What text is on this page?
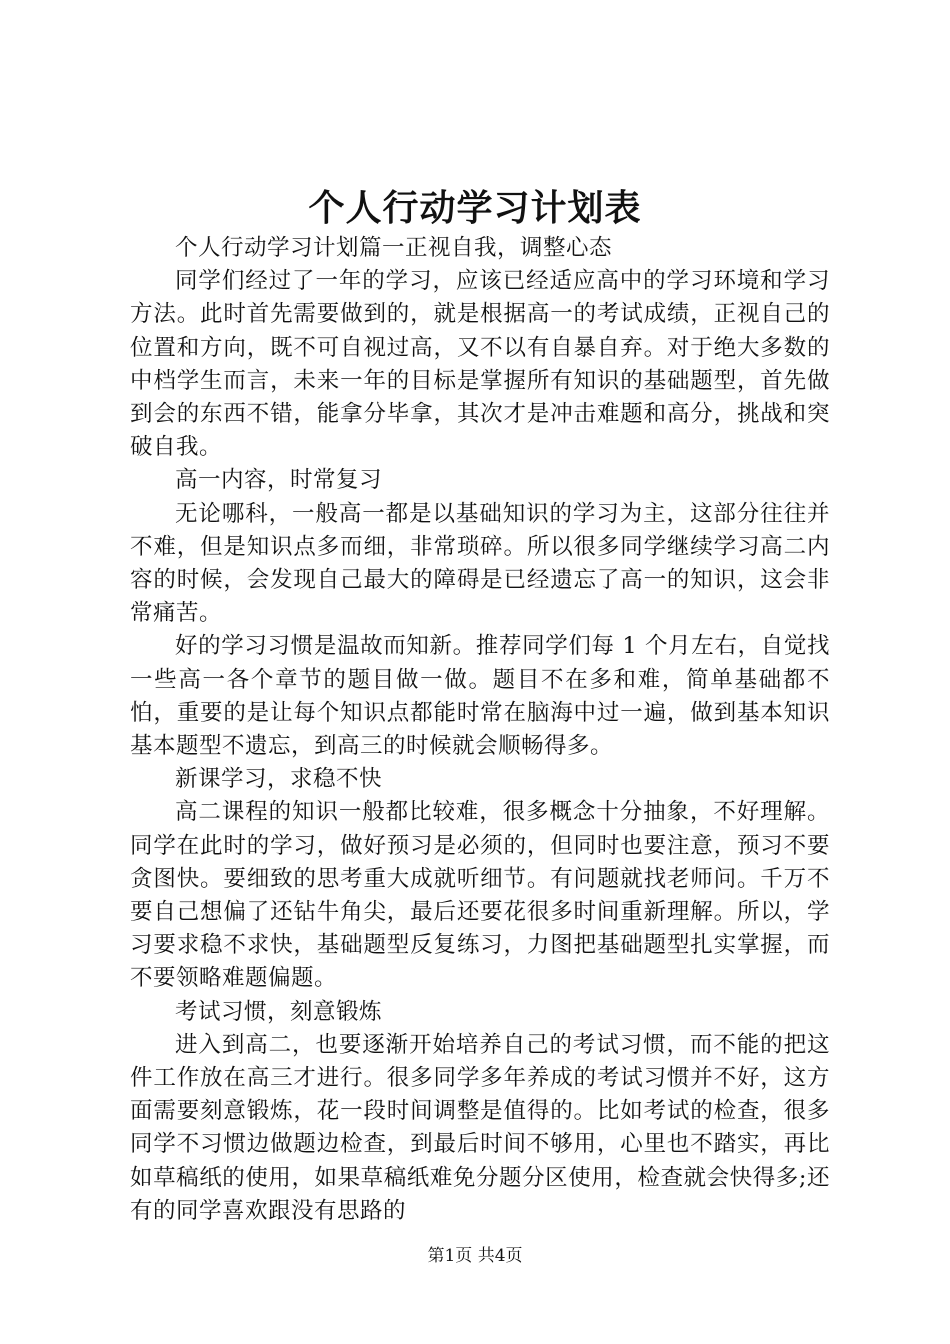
个人行动学习计划表

个人行动学习计划篇一正视自我，调整心态

同学们经过了一年的学习，应该已经适应高中的学习环境和学习方法。此时首先需要做到的，就是根据高一的考试成绩，正视自己的位置和方向，既不可自视过高，又不以有自暴自弃。对于绝大多数的中档学生而言，未来一年的目标是掌握所有知识的基础题型，首先做到会的东西不错，能拿分毕拿，其次才是冲击难题和高分，挑战和突破自我。

高一内容，时常复习

无论哪科，一般高一都是以基础知识的学习为主，这部分往往并不难，但是知识点多而细，非常琐碎。所以很多同学继续学习高二内容的时候，会发现自己最大的障碍是已经遗忘了高一的知识，这会非常痛苦。

好的学习习惯是温故而知新。推荐同学们每 1 个月左右，自觉找一些高一各个章节的题目做一做。题目不在多和难，简单基础都不怕，重要的是让每个知识点都能时常在脑海中过一遍，做到基本知识基本题型不遗忘，到高三的时候就会顺畅得多。

新课学习，求稳不快

高二课程的知识一般都比较难，很多概念十分抽象，不好理解。同学在此时的学习，做好预习是必须的，但同时也要注意，预习不要贪图快。要细致的思考重大成就听细节。有问题就找老师问。千万不要自己想偏了还钻牛角尖，最后还要花很多时间重新理解。所以，学习要求稳不求快，基础题型反复练习，力图把基础题型扎实掌握，而不要领略难题偏题。

考试习惯，刻意锻炼

进入到高二，也要逐渐开始培养自己的考试习惯，而不能的把这件工作放在高三才进行。很多同学多年养成的考试习惯并不好，这方面需要刻意锻炼，花一段时间调整是值得的。比如考试的检查，很多同学不习惯边做题边检查，到最后时间不够用，心里也不踏实，再比如草稿纸的使用，如果草稿纸难免分题分区使用，检查就会快得多;还有的同学喜欢跟没有思路的

第1页 共4页
